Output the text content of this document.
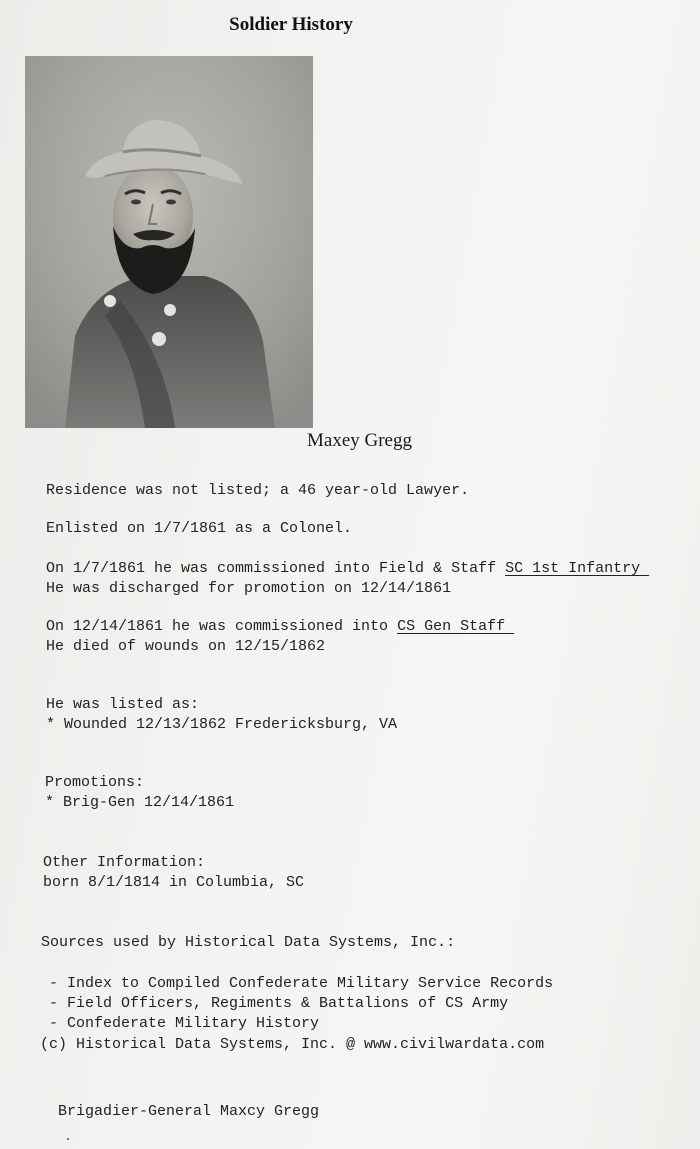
Soldier History
Maxey Gregg
Residence was not listed; a 46 year-old Lawyer.
Enlisted on 1/7/1861 as a Colonel.
On 1/7/1861 he was commissioned into Field & Staff SC 1st Infantry
He was discharged for promotion on 12/14/1861
On 12/14/1861 he was commissioned into CS Gen Staff
He died of wounds on 12/15/1862
He was listed as:
* Wounded 12/13/1862 Fredericksburg, VA
Promotions:
* Brig-Gen 12/14/1861
Other Information:
born 8/1/1814 in Columbia, SC
Sources used by Historical Data Systems, Inc.:
- Index to Compiled Confederate Military Service Records
- Field Officers, Regiments & Battalions of CS Army
- Confederate Military History
(c) Historical Data Systems, Inc. @ www.civilwardata.com
Brigadier-General Maxcy Gregg
